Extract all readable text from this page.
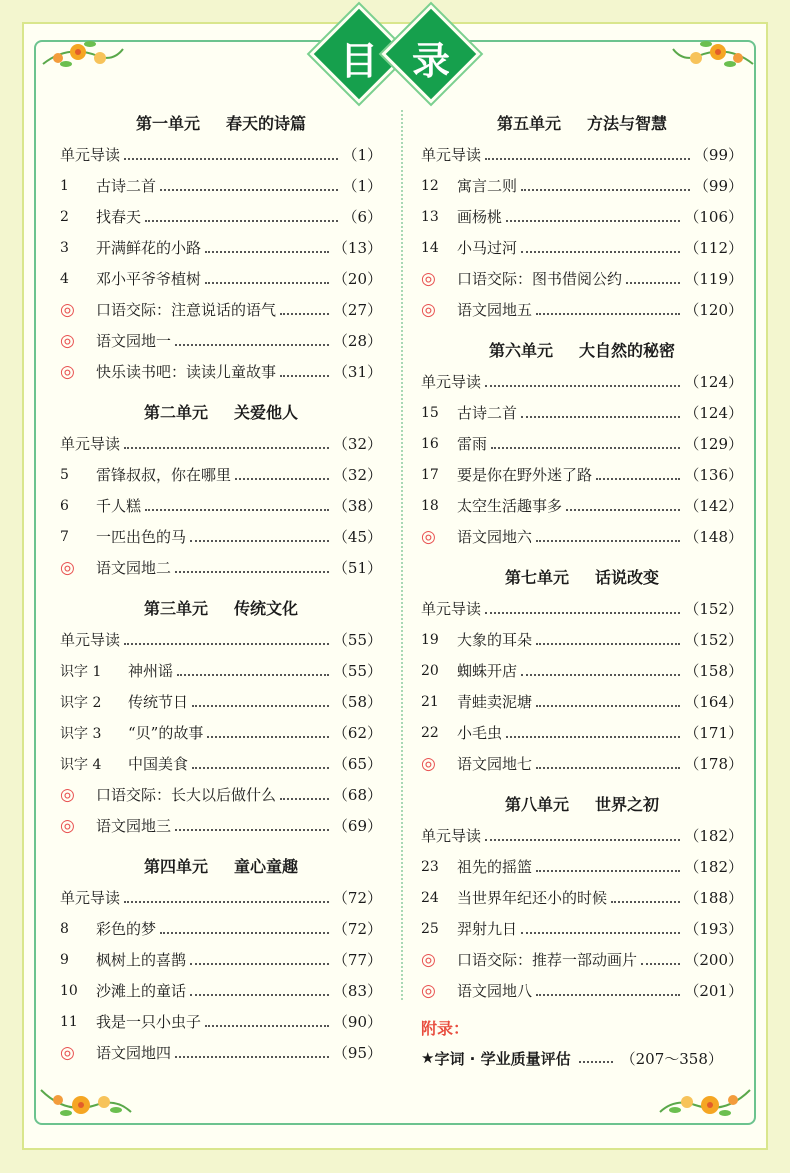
目 录
第一单元 春天的诗篇
单元导读	（1）
1	古诗二首	（1）
2	找春天	（6）
3	开满鲜花的小路	（13）
4	邓小平爷爷植树	（20）
◎	口语交际：注意说话的语气	（27）
◎	语文园地一	（28）
◎	快乐读书吧：读读儿童故事	（31）
第二单元 关爱他人
单元导读	（32）
5	雷锋叔叔，你在哪里	（32）
6	千人糕	（38）
7	一匹出色的马	（45）
◎	语文园地二	（51）
第三单元 传统文化
单元导读	（55）
识字 1	神州谣	（55）
识字 2	传统节日	（58）
识字 3	“贝”的故事	（62）
识字 4	中国美食	（65）
◎	口语交际：长大以后做什么	（68）
◎	语文园地三	（69）
第四单元 童心童趣
单元导读	（72）
8	彩色的梦	（72）
9	枫树上的喜鹊	（77）
10	沙滩上的童话	（83）
11	我是一只小虫子	（90）
◎	语文园地四	（95）
第五单元 方法与智慧
单元导读	（99）
12	寓言二则	（99）
13	画杨桃	（106）
14	小马过河	（112）
◎	口语交际：图书借阅公约	（119）
◎	语文园地五	（120）
第六单元 大自然的秘密
单元导读	（124）
15	古诗二首	（124）
16	雷雨	（129）
17	要是你在野外迷了路	（136）
18	太空生活趣事多	（142）
◎	语文园地六	（148）
第七单元 话说改变
单元导读	（152）
19	大象的耳朵	（152）
20	蜘蛛开店	（158）
21	青蛙卖泥塘	（164）
22	小毛虫	（171）
◎	语文园地七	（178）
第八单元 世界之初
单元导读	（182）
23	祖先的摇篮	（182）
24	当世界年纪还小的时候	（188）
25	羿射九日	（193）
◎	口语交际：推荐一部动画片	（200）
◎	语文园地八	（201）
附录：
★ 字词 · 学业质量评估	（207～358）
